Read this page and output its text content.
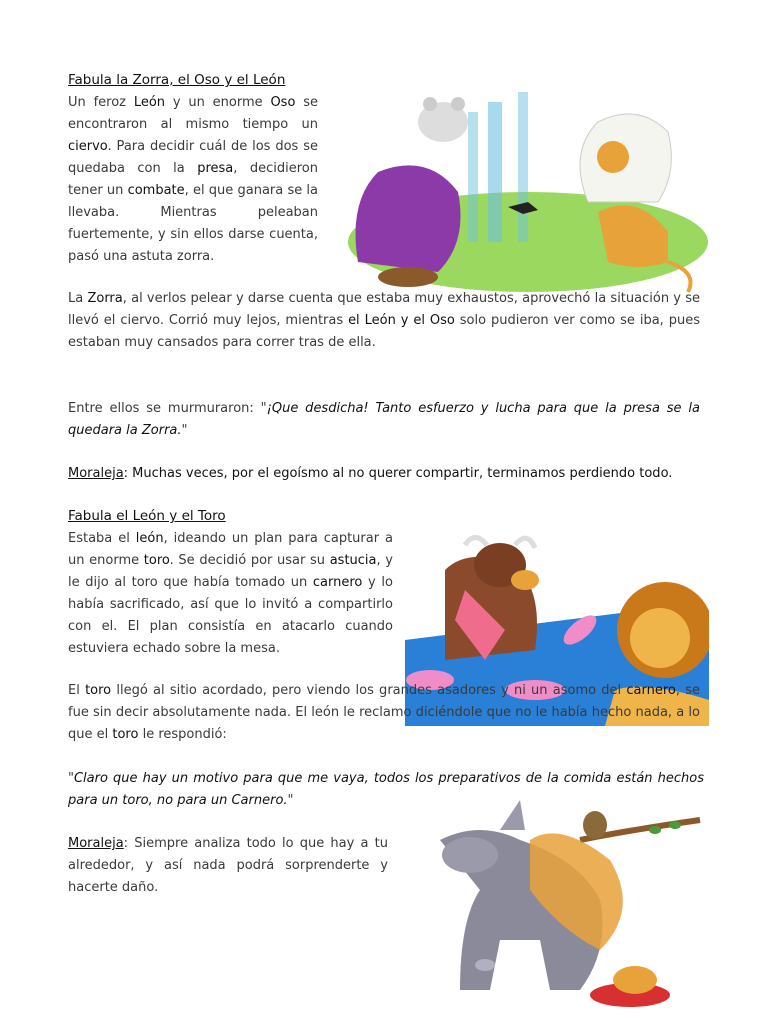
Fabula la Zorra, el Oso y el León

Un feroz León y un enorme Oso se encontraron al mismo tiempo un ciervo. Para decidir cuál de los dos se quedaba con la presa, decidieron tener un combate, el que ganara se la llevaba. Mientras peleaban fuertemente, y sin ellos darse cuenta, pasó una astuta zorra.

La Zorra, al verlos pelear y darse cuenta que estaba muy exhaustos, aprovechó la situación y se llevó el ciervo. Corrió muy lejos, mientras el León y el Oso solo pudieron ver como se iba, pues estaban muy cansados para correr tras de ella.

Entre ellos se murmuraron: "¡Que desdicha! Tanto esfuerzo y lucha para que la presa se la quedara la Zorra."

Moraleja: Muchas veces, por el egoísmo al no querer compartir, terminamos perdiendo todo.

Fabula el León y el Toro

Estaba el león, ideando un plan para capturar a un enorme toro. Se decidió por usar su astucia, y le dijo al toro que había tomado un carnero y lo había sacrificado, así que lo invitó a compartirlo con el. El plan consistía en atacarlo cuando estuviera echado sobre la mesa.

El toro llegó al sitio acordado, pero viendo los grandes asadores y ni un asomo del carnero, se fue sin decir absolutamente nada. El león le reclamo diciéndole que no le había hecho nada, a lo que el toro le respondió:

"Claro que hay un motivo para que me vaya, todos los preparativos de la comida están hechos para un toro, no para un Carnero."

Moraleja: Siempre analiza todo lo que hay a tu alrededor, y así nada podrá sorprenderte y hacerte daño.
